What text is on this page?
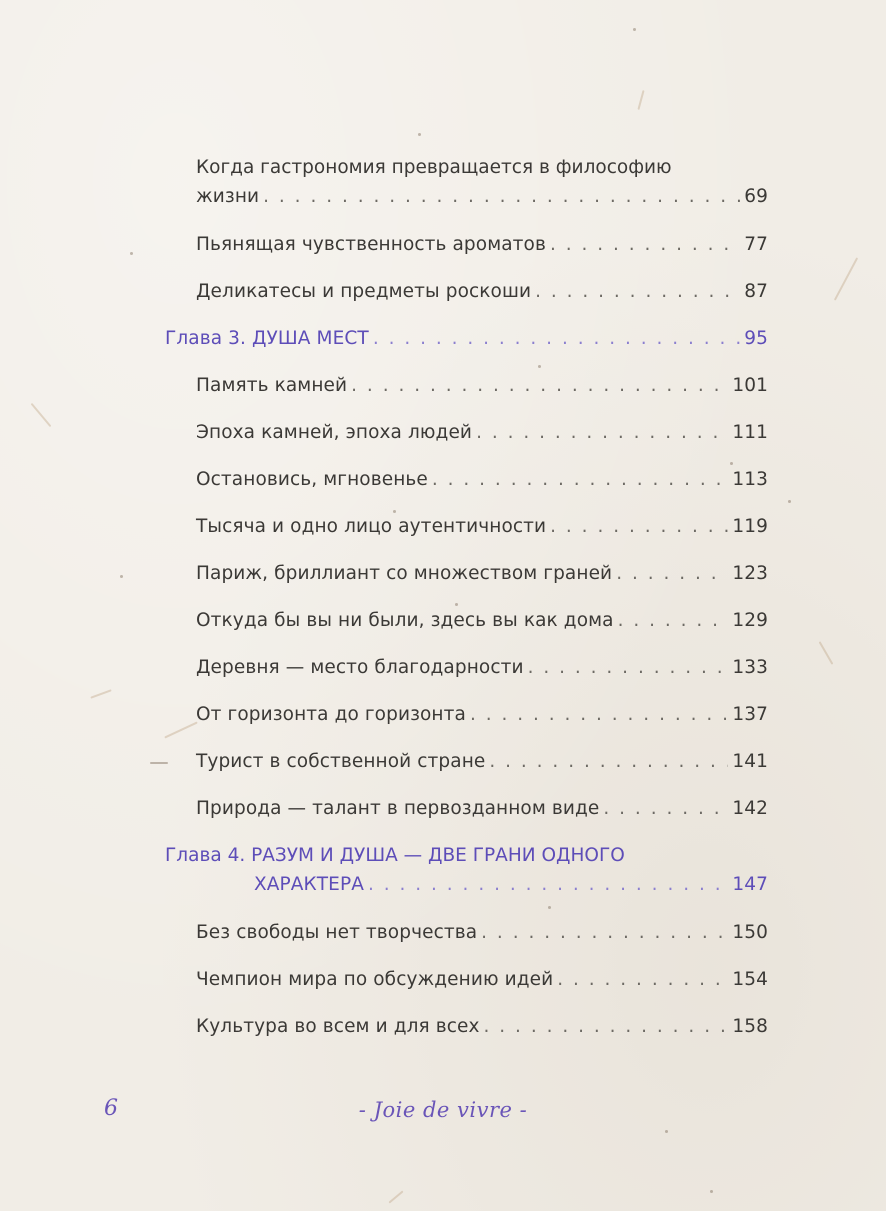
Когда гастрономия превращается в философию
жизни . . .	69
Пьянящая чувственность ароматов . . .	77
Деликатесы и предметы роскоши . . .	87
Глава 3. ДУША МЕСТ . . .	95
Память камней . . .	101
Эпоха камней, эпоха людей . . .	111
Остановись, мгновенье . . .	113
Тысяча и одно лицо аутентичности . . .	119
Париж, бриллиант со множеством граней . . .	123
Откуда бы вы ни были, здесь вы как дома . . .	129
Деревня — место благодарности . . .	133
От горизонта до горизонта . . .	137
Турист в собственной стране . . .	141
Природа — талант в первозданном виде . . .	142
Глава 4. РАЗУМ И ДУША — ДВЕ ГРАНИ ОДНОГО
ХАРАКТЕРА . . .	147
Без свободы нет творчества . . .	150
Чемпион мира по обсуждению идей . . .	154
Культура во всем и для всех . . .	158
6	- Joie de vivre -
